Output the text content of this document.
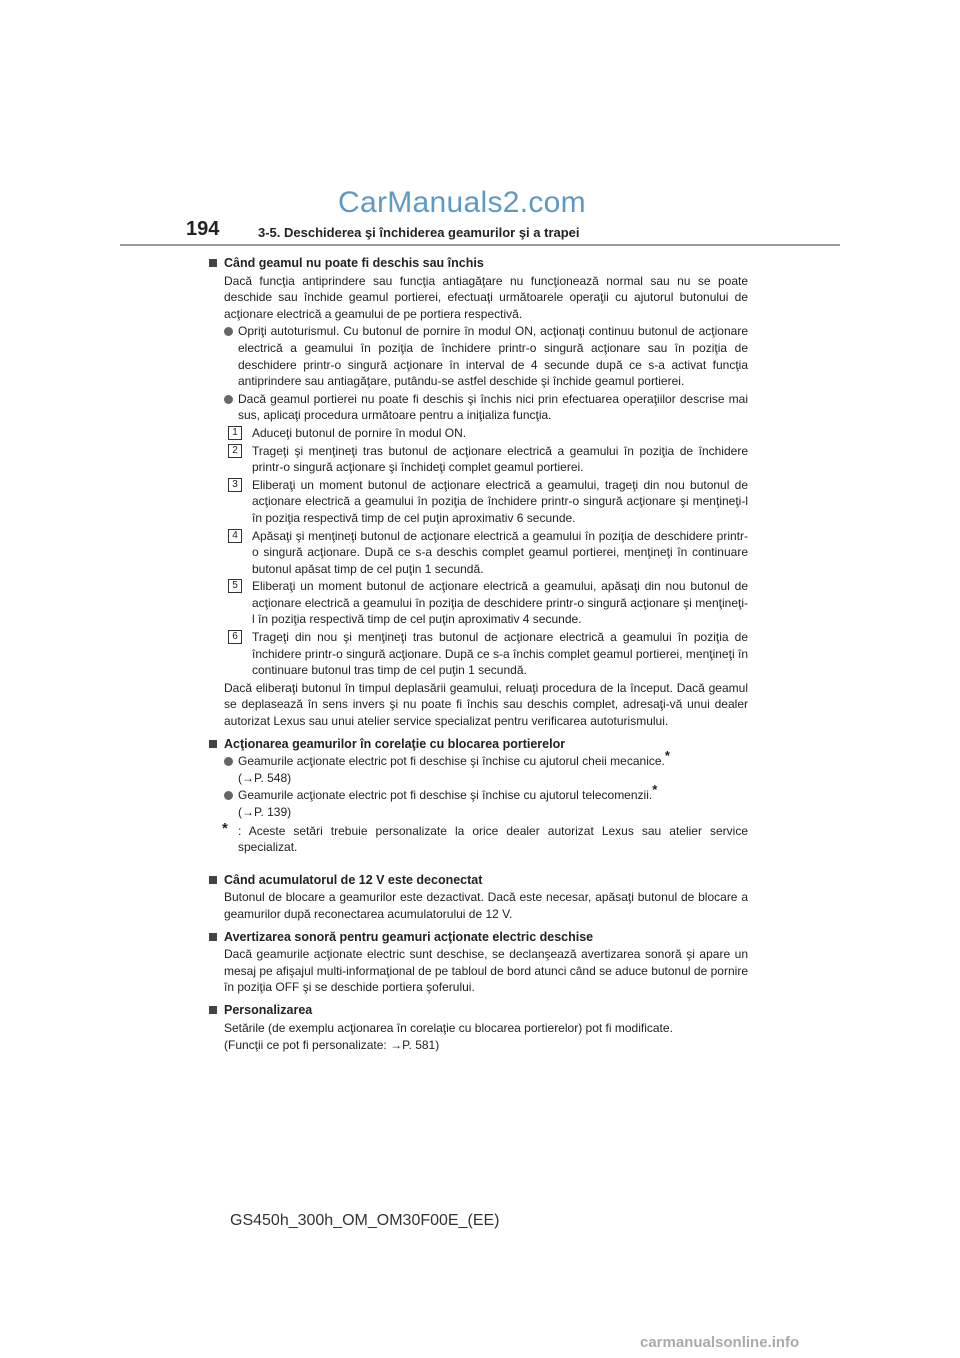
CarManuals2.com
194	3-5. Deschiderea şi închiderea geamurilor şi a trapei
Când geamul nu poate fi deschis sau închis
Dacă funcţia antiprindere sau funcţia antiagăţare nu funcţionează normal sau nu se poate deschide sau închide geamul portierei, efectuaţi următoarele operaţii cu ajutorul butonului de acţionare electrică a geamului de pe portiera respectivă.
Opriţi autoturismul. Cu butonul de pornire în modul ON, acţionaţi continuu butonul de acţionare electrică a geamului în poziţia de închidere printr-o singură acţionare sau în poziţia de deschidere printr-o singură acţionare în interval de 4 secunde după ce s-a activat funcţia antiprindere sau antiagăţare, putându-se astfel deschide şi închide geamul portierei.
Dacă geamul portierei nu poate fi deschis şi închis nici prin efectuarea operaţiilor descrise mai sus, aplicaţi procedura următoare pentru a iniţializa funcţia.
1	Aduceţi butonul de pornire în modul ON.
2	Trageţi şi menţineţi tras butonul de acţionare electrică a geamului în poziţia de închidere printr-o singură acţionare şi închideţi complet geamul portierei.
3	Eliberaţi un moment butonul de acţionare electrică a geamului, trageţi din nou butonul de acţionare electrică a geamului în poziţia de închidere printr-o singură acţionare şi menţineţi-l în poziţia respectivă timp de cel puţin aproximativ 6 secunde.
4	Apăsaţi şi menţineţi butonul de acţionare electrică a geamului în poziţia de deschidere printr-o singură acţionare. După ce s-a deschis complet geamul portierei, menţineţi în continuare butonul apăsat timp de cel puţin 1 secundă.
5	Eliberaţi un moment butonul de acţionare electrică a geamului, apăsaţi din nou butonul de acţionare electrică a geamului în poziţia de deschidere printr-o singură acţionare şi menţineţi-l în poziţia respectivă timp de cel puţin aproximativ 4 secunde.
6	Trageţi din nou şi menţineţi tras butonul de acţionare electrică a geamului în poziţia de închidere printr-o singură acţionare. După ce s-a închis complet geamul portierei, menţineţi în continuare butonul tras timp de cel puţin 1 secundă.
Dacă eliberaţi butonul în timpul deplasării geamului, reluaţi procedura de la început. Dacă geamul se deplasează în sens invers şi nu poate fi închis sau deschis complet, adresaţi-vă unui dealer autorizat Lexus sau unui atelier service specializat pentru verificarea autoturismului.
Acţionarea geamurilor în corelaţie cu blocarea portierelor
Geamurile acţionate electric pot fi deschise şi închise cu ajutorul cheii mecanice.*
(→P. 548)
Geamurile acţionate electric pot fi deschise şi închise cu ajutorul telecomenzii.*
(→P. 139)
* : Aceste setări trebuie personalizate la orice dealer autorizat Lexus sau atelier service specializat.
Când acumulatorul de 12 V este deconectat
Butonul de blocare a geamurilor este dezactivat. Dacă este necesar, apăsaţi butonul de blocare a geamurilor după reconectarea acumulatorului de 12 V.
Avertizarea sonoră pentru geamuri acţionate electric deschise
Dacă geamurile acţionate electric sunt deschise, se declanşează avertizarea sonoră şi apare un mesaj pe afişajul multi-informaţional de pe tabloul de bord atunci când se aduce butonul de pornire în poziţia OFF şi se deschide portiera şoferului.
Personalizarea
Setările (de exemplu acţionarea în corelaţie cu blocarea portierelor) pot fi modificate.
(Funcţii ce pot fi personalizate: →P. 581)
GS450h_300h_OM_OM30F00E_(EE)
carmanualsonline.info
